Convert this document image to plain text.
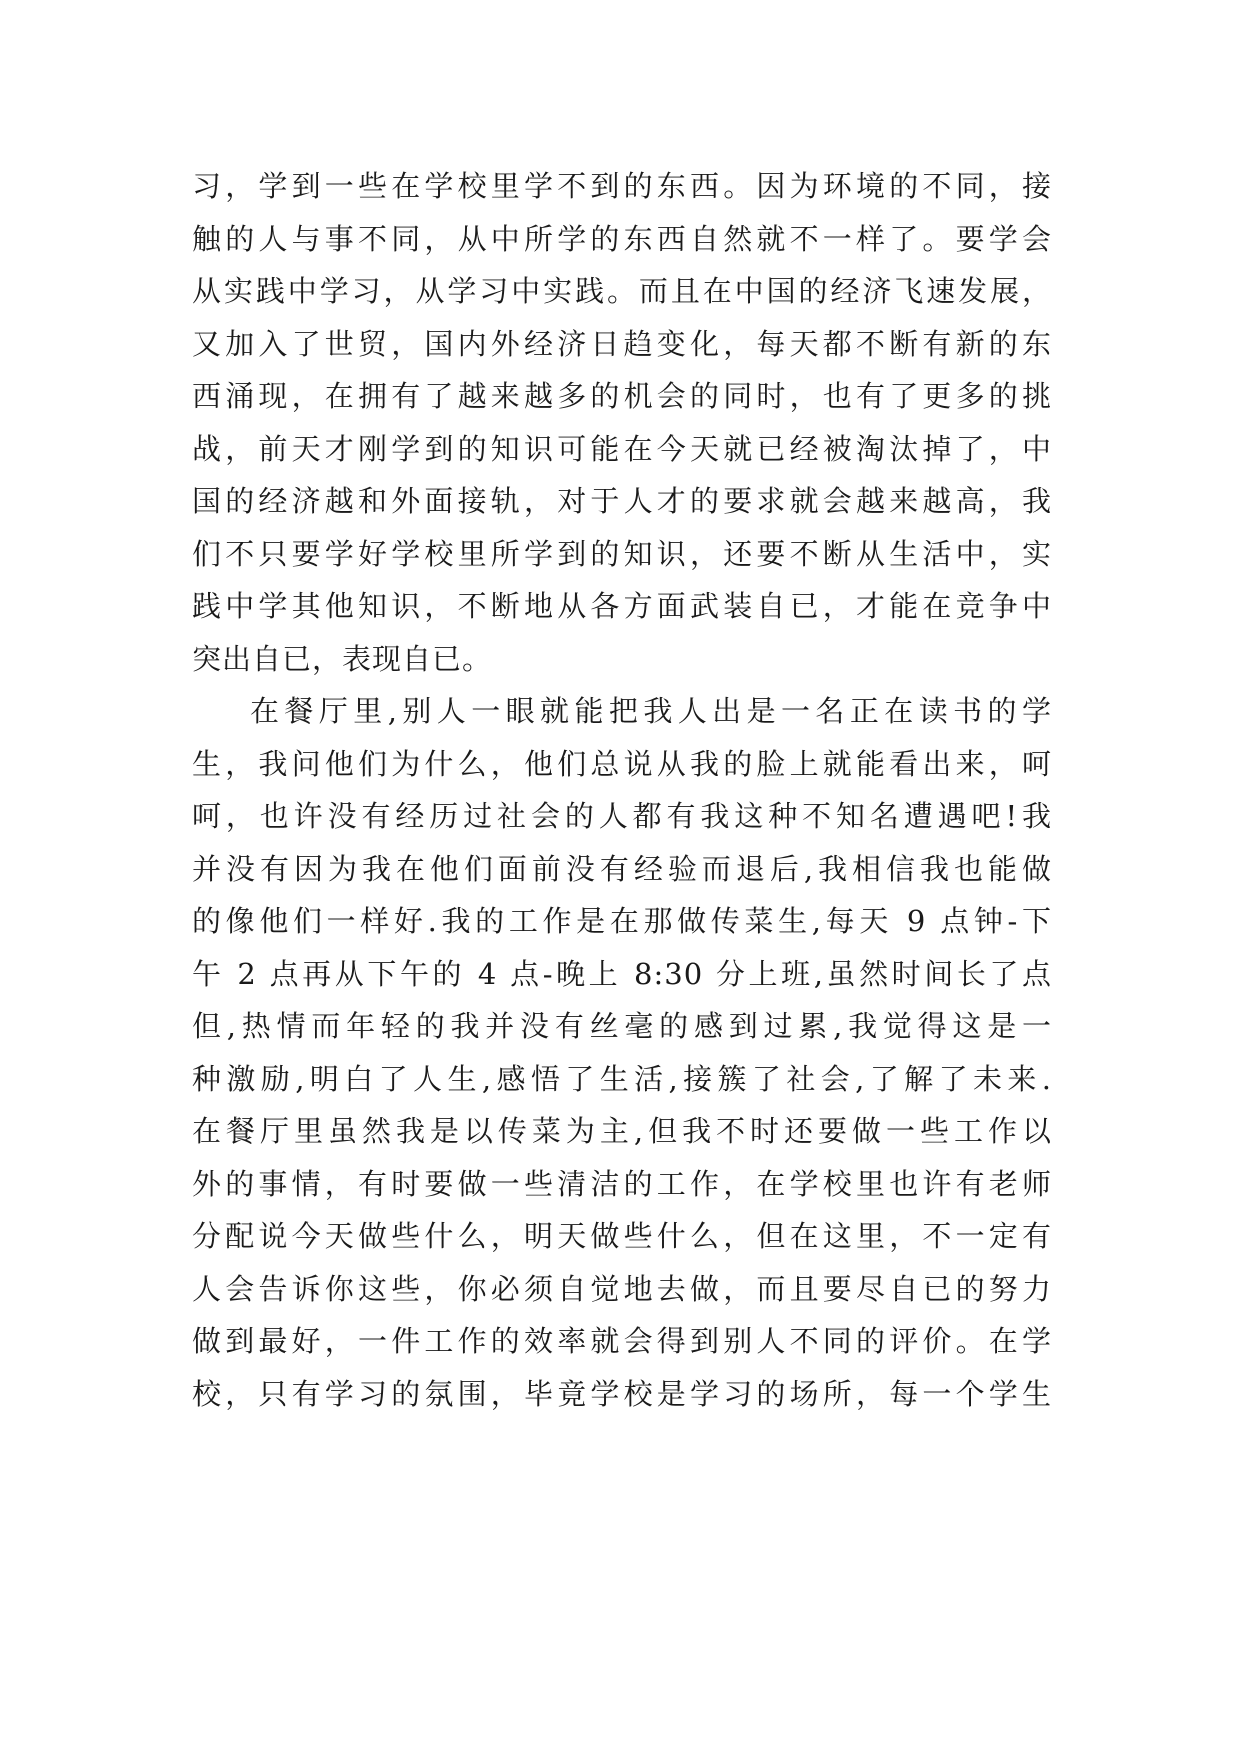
习，学到一些在学校里学不到的东西。因为环境的不同，接
触的人与事不同，从中所学的东西自然就不一样了。要学会
从实践中学习，从学习中实践。而且在中国的经济飞速发展，
又加入了世贸，国内外经济日趋变化，每天都不断有新的东
西涌现，在拥有了越来越多的机会的同时，也有了更多的挑
战，前天才刚学到的知识可能在今天就已经被淘汰掉了，中
国的经济越和外面接轨，对于人才的要求就会越来越高，我
们不只要学好学校里所学到的知识，还要不断从生活中，实
践中学其他知识，不断地从各方面武装自已，才能在竞争中
突出自已，表现自已。
在餐厅里,别人一眼就能把我人出是一名正在读书的学
生，我问他们为什么，他们总说从我的脸上就能看出来，呵
呵，也许没有经历过社会的人都有我这种不知名遭遇吧!我
并没有因为我在他们面前没有经验而退后,我相信我也能做
的像他们一样好.我的工作是在那做传菜生,每天 9 点钟-下
午 2 点再从下午的 4 点-晚上 8:30 分上班,虽然时间长了点
但,热情而年轻的我并没有丝毫的感到过累,我觉得这是一
种激励,明白了人生,感悟了生活,接簇了社会,了解了未来.
在餐厅里虽然我是以传菜为主,但我不时还要做一些工作以
外的事情，有时要做一些清洁的工作，在学校里也许有老师
分配说今天做些什么，明天做些什么，但在这里，不一定有
人会告诉你这些，你必须自觉地去做，而且要尽自已的努力
做到最好，一件工作的效率就会得到别人不同的评价。在学
校，只有学习的氛围，毕竟学校是学习的场所，每一个学生
